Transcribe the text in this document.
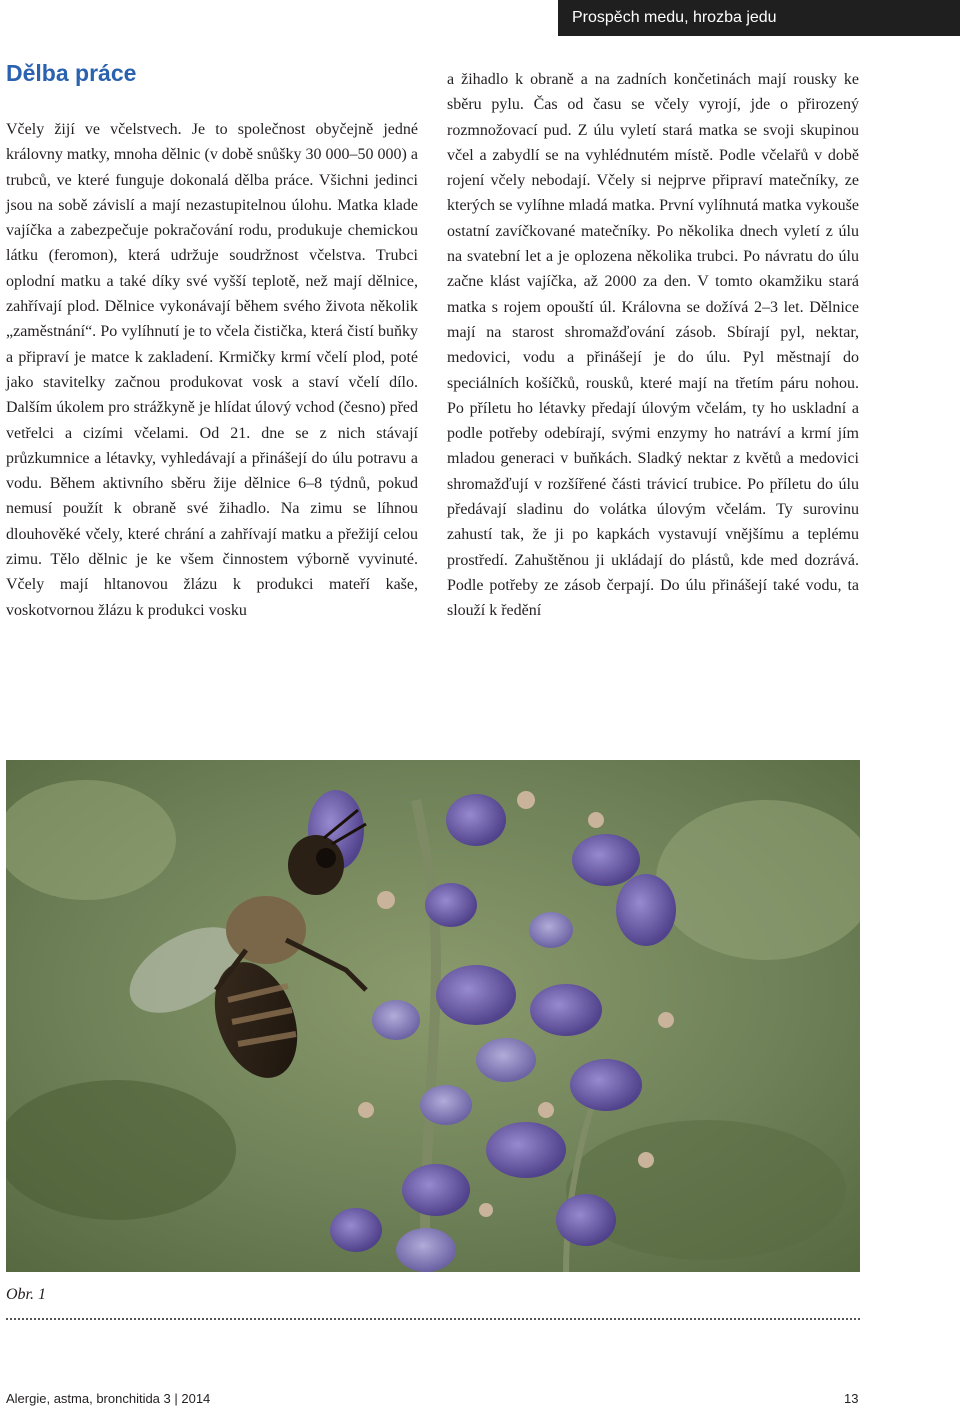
Prospěch medu, hrozba jedu
Dělba práce

Včely žijí ve včelstvech. Je to společnost obyčejně jedné královny matky, mnoha dělnic (v době snůšky 30 000–50 000) a trubců, ve které funguje dokonalá dělba práce. Všichni jedinci jsou na sobě závislí a mají nezastupitelnou úlohu. Matka klade vajíčka a zabezpečuje pokračování rodu, produkuje chemickou látku (feromon), která udržuje soudržnost včelstva. Trubci oplodní matku a také díky své vyšší teplotě, než mají dělnice, zahřívají plod. Dělnice vykonávají během svého života několik „zaměstnání“. Po vylíhnutí je to včela čistička, která čistí buňky a připraví je matce k zakladení. Krmičky krmí včelí plod, poté jako stavitelky začnou produkovat vosk a staví včelí dílo. Dalším úkolem pro strážkyně je hlídat úlový vchod (česno) před vetřelci a cizími včelami. Od 21. dne se z nich stávají průzkumnice a létavky, vyhledávají a přinášejí do úlu potravu a vodu. Během aktivního sběru žije dělnice 6–8 týdnů, pokud nemusí použít k obraně své žihadlo. Na zimu se líhnou dlouhověké včely, které chrání a zahřívají matku a přežijí celou zimu. Tělo dělnic je ke všem činnostem výborně vyvinuté. Včely mají hltanovou žlázu k produkci mateří kaše, voskotvornou žlázu k produkci vosku

a žihadlo k obraně a na zadních končetinách mají rousky ke sběru pylu. Čas od času se včely vyrojí, jde o přirozený rozmnožovací pud. Z úlu vyletí stará matka se svoji skupinou včel a zabydlí se na vyhlédnutém místě. Podle včelařů v době rojení včely nebodají. Včely si nejprve připraví matečníky, ze kterých se vylíhne mladá matka. První vylíhnutá matka vykouše ostatní zavíčkované matečníky. Po několika dnech vyletí z úlu na svatební let a je oplozena několika trubci. Po návratu do úlu začne klást vajíčka, až 2000 za den. V tomto okamžiku stará matka s rojem opouští úl. Královna se dožívá 2–3 let. Dělnice mají na starost shromažďování zásob. Sbírají pyl, nektar, medovici, vodu a přinášejí je do úlu. Pyl městnají do speciálních košíčků, rousků, které mají na třetím páru nohou. Po příletu ho létavky předají úlovým včelám, ty ho uskladní a podle potřeby odebírají, svými enzymy ho natráví a krmí jím mladou generaci v buňkách. Sladký nektar z květů a medovici shromažďují v rozšířené části trávicí trubice. Po příletu do úlu předávají sladinu do volátka úlovým včelám. Ty surovinu zahustí tak, že ji po kapkách vystavují vnějšímu a teplému prostředí. Zahuštěnou ji ukládají do plástů, kde med dozrává. Podle potřeby ze zásob čerpají. Do úlu přinášejí také vodu, ta slouží k ředění

Obr. 1
Alergie, astma, bronchitida 3 | 2014	13
